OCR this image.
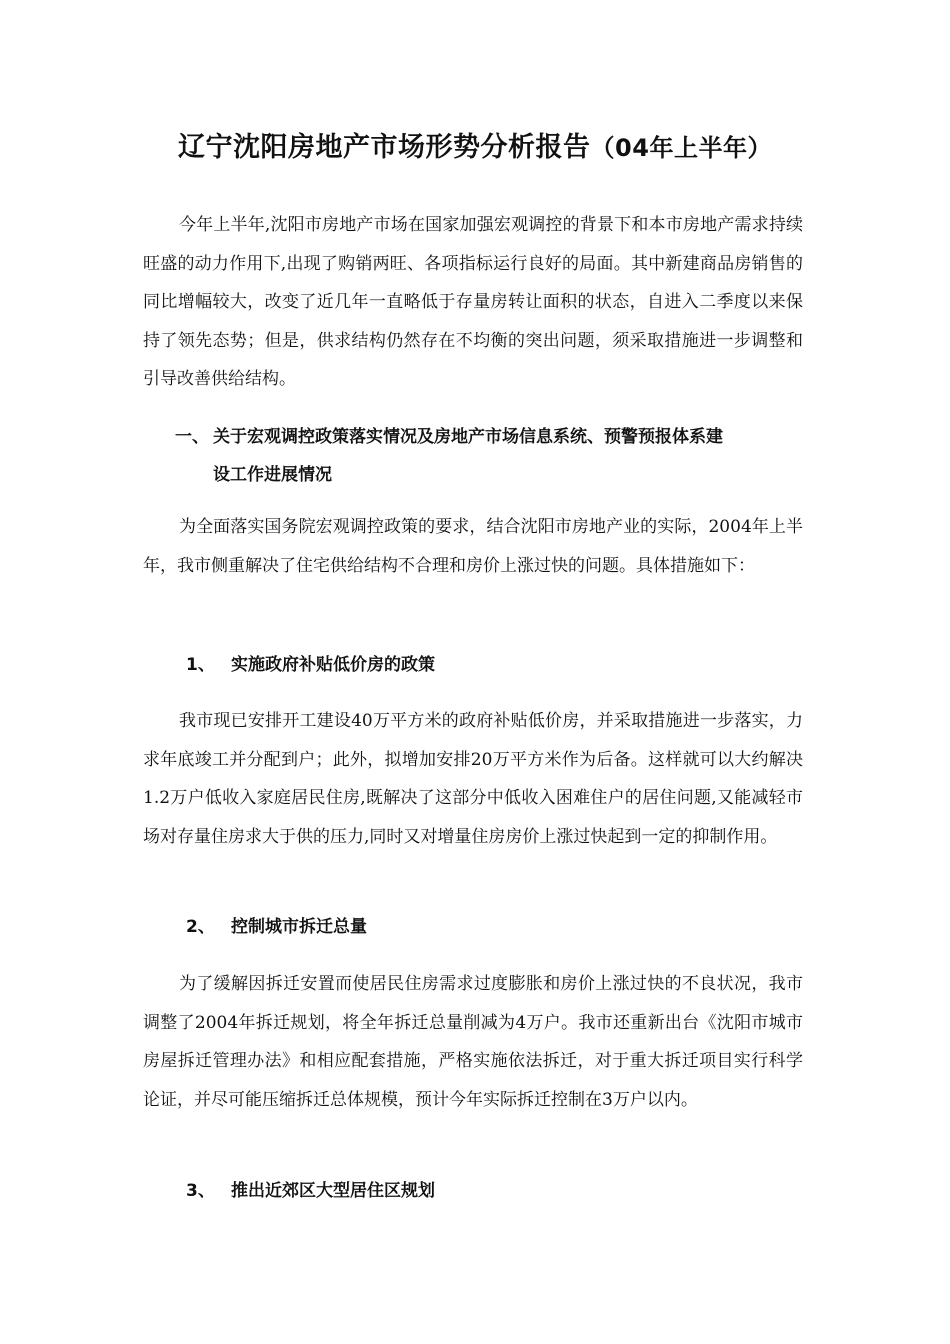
辽宁沈阳房地产市场形势分析报告（04年上半年）

今年上半年,沈阳市房地产市场在国家加强宏观调控的背景下和本市房地产需求持续旺盛的动力作用下,出现了购销两旺、各项指标运行良好的局面。其中新建商品房销售的同比增幅较大，改变了近几年一直略低于存量房转让面积的状态，自进入二季度以来保持了领先态势；但是，供求结构仍然存在不均衡的突出问题，须采取措施进一步调整和引导改善供给结构。

一、 关于宏观调控政策落实情况及房地产市场信息系统、预警预报体系建
设工作进展情况

为全面落实国务院宏观调控政策的要求，结合沈阳市房地产业的实际，2004年上半年，我市侧重解决了住宅供给结构不合理和房价上涨过快的问题。具体措施如下：

1、 实施政府补贴低价房的政策

我市现已安排开工建设40万平方米的政府补贴低价房，并采取措施进一步落实，力求年底竣工并分配到户；此外，拟增加安排20万平方米作为后备。这样就可以大约解决1.2万户低收入家庭居民住房,既解决了这部分中低收入困难住户的居住问题,又能减轻市场对存量住房求大于供的压力,同时又对增量住房房价上涨过快起到一定的抑制作用。

2、 控制城市拆迁总量

为了缓解因拆迁安置而使居民住房需求过度膨胀和房价上涨过快的不良状况，我市调整了2004年拆迁规划，将全年拆迁总量削减为4万户。我市还重新出台《沈阳市城市房屋拆迁管理办法》和相应配套措施，严格实施依法拆迁，对于重大拆迁项目实行科学论证，并尽可能压缩拆迁总体规模，预计今年实际拆迁控制在3万户以内。

3、 推出近郊区大型居住区规划
